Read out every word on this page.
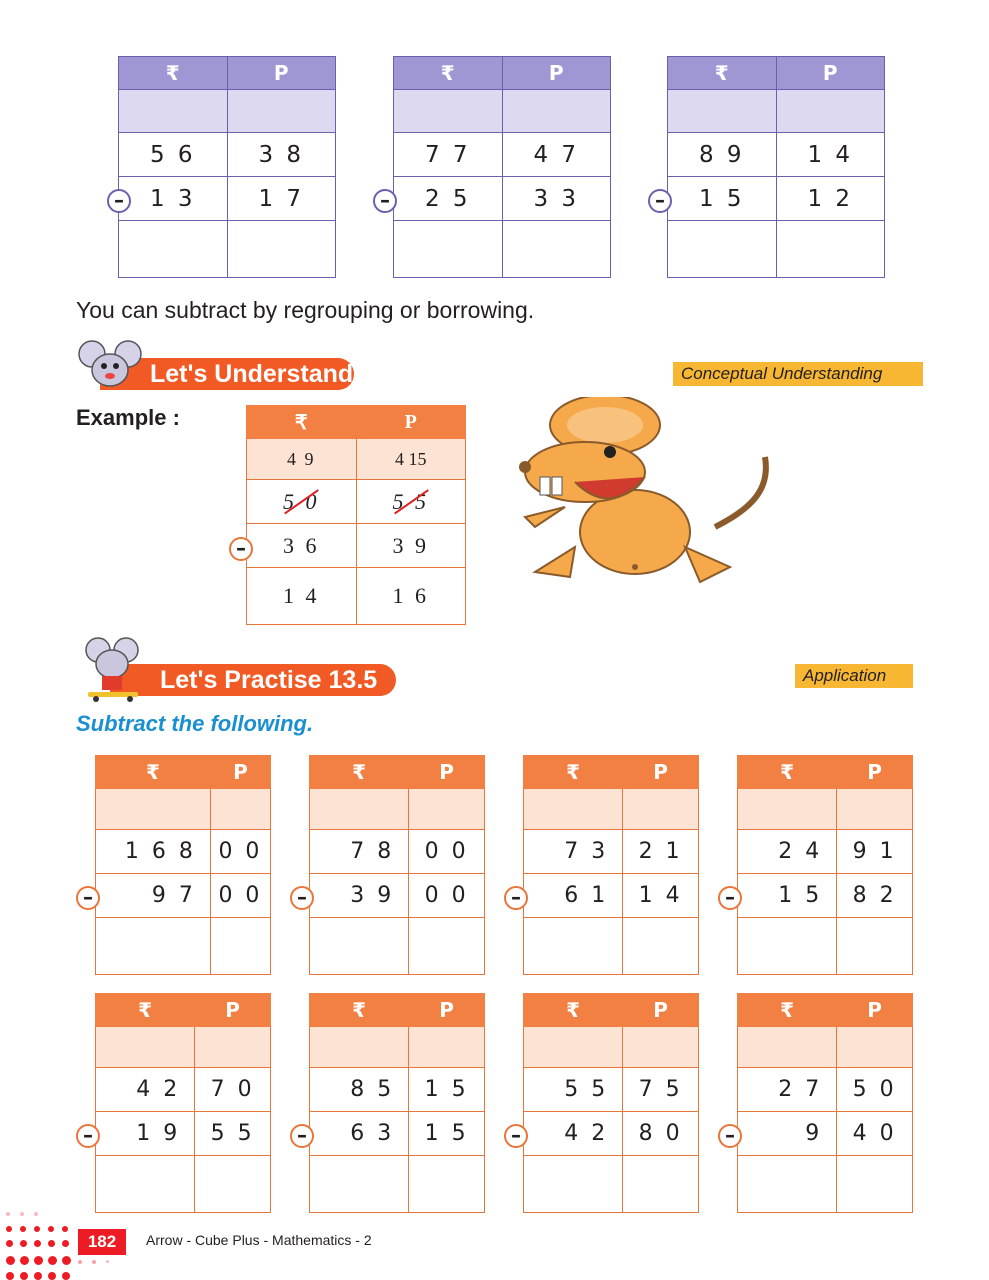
₹	P

5 6	3 8
1 3	1 7

–
₹	P

7 7	4 7
2 5	3 3

–
₹	P

8 9	1 4
1 5	1 2

–
You can subtract by regrouping or borrowing.
Let's Understand	Conceptual Understanding
Example :	₹	P
4 9	4 15
5 0	5 5
3 6	3 9
1 4	1 6
–
Let's Practise 13.5	Application
Subtract the following.
₹	P

1 6 8	0 0
9 7	0 0

–
₹	P

7 8	0 0
3 9	0 0

–
₹	P

7 3	2 1
6 1	1 4

–
₹	P

2 4	9 1
1 5	8 2

–
₹	P

4 2	7 0
1 9	5 5

–
₹	P

8 5	1 5
6 3	1 5

–
₹	P

5 5	7 5
4 2	8 0

–
₹	P

2 7	5 0
9	4 0

–
182	Arrow - Cube Plus - Mathematics - 2
